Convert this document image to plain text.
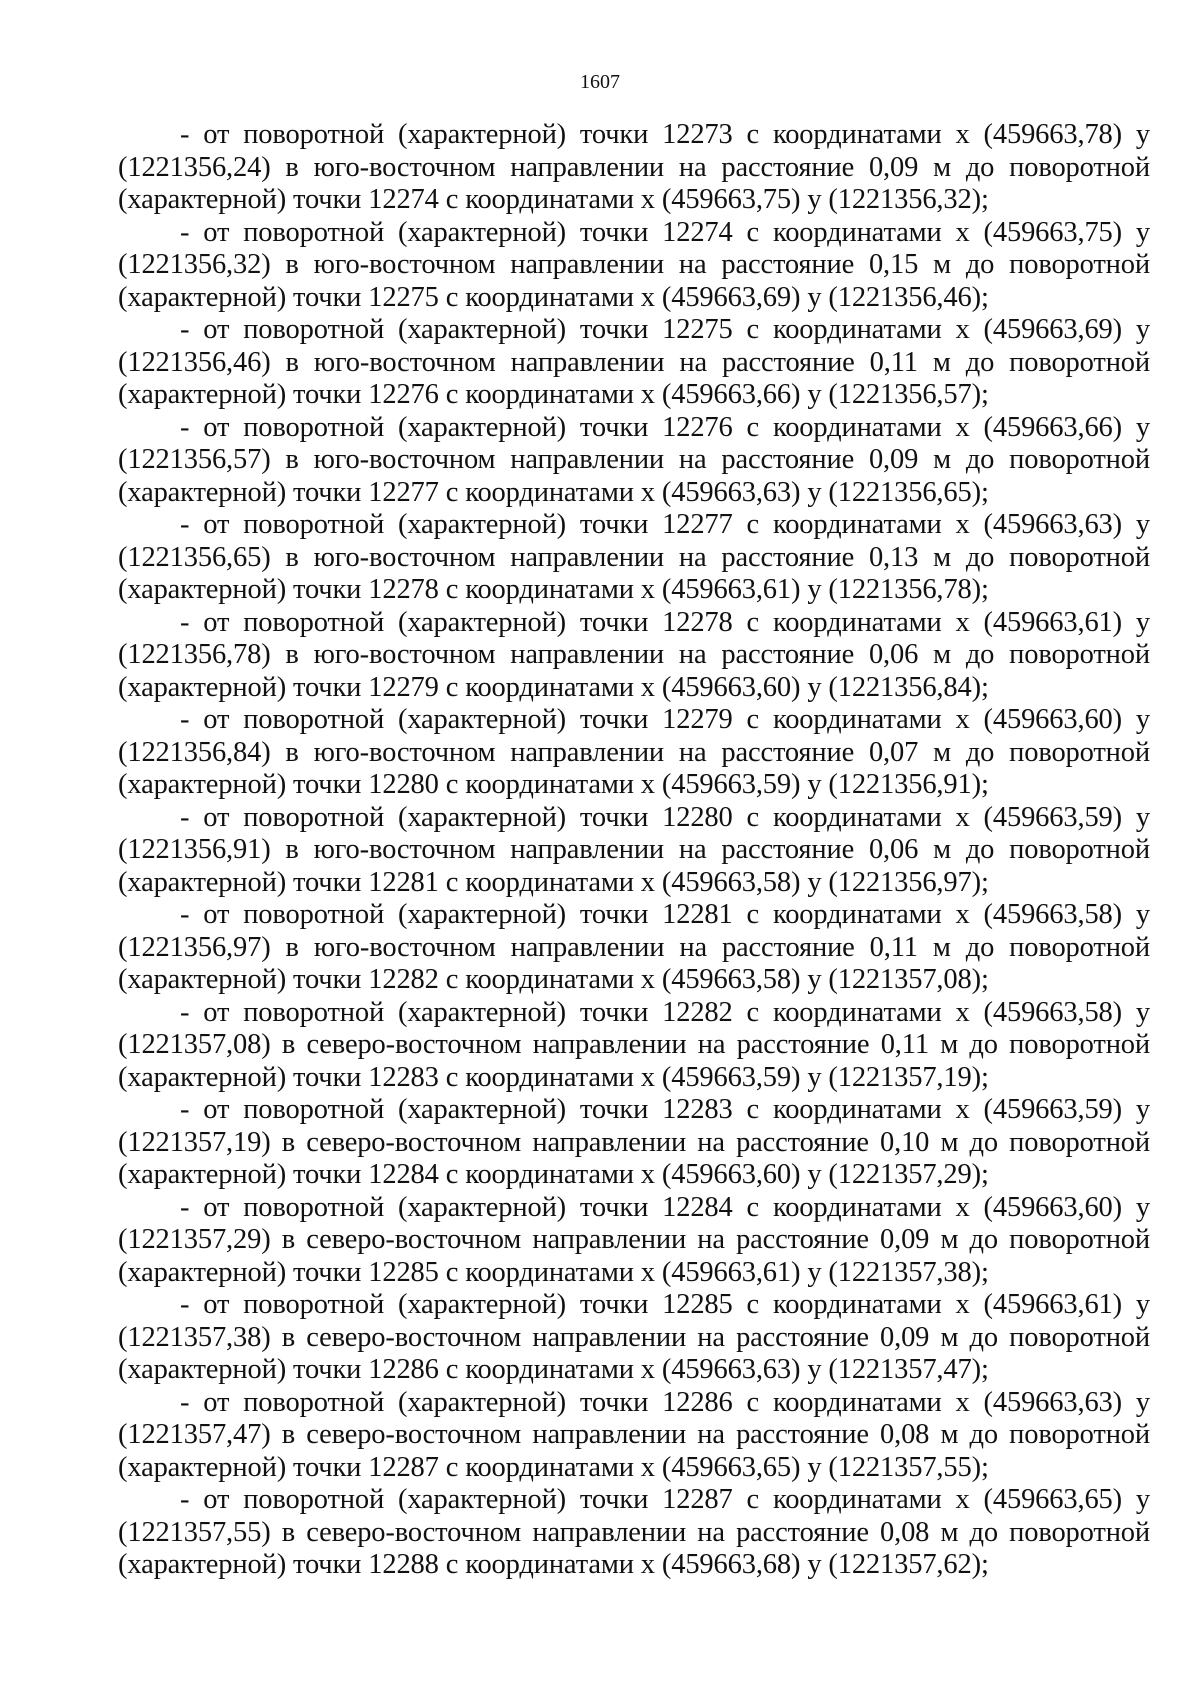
1607

- от поворотной (характерной) точки 12273 с координатами х (459663,78) у (1221356,24) в юго-восточном направлении на расстояние 0,09 м до поворотной (характерной) точки 12274 с координатами х (459663,75) у (1221356,32);

- от поворотной (характерной) точки 12274 с координатами х (459663,75) у (1221356,32) в юго-восточном направлении на расстояние 0,15 м до поворотной (характерной) точки 12275 с координатами х (459663,69) у (1221356,46);

- от поворотной (характерной) точки 12275 с координатами х (459663,69) у (1221356,46) в юго-восточном направлении на расстояние 0,11 м до поворотной (характерной) точки 12276 с координатами х (459663,66) у (1221356,57);

- от поворотной (характерной) точки 12276 с координатами х (459663,66) у (1221356,57) в юго-восточном направлении на расстояние 0,09 м до поворотной (характерной) точки 12277 с координатами х (459663,63) у (1221356,65);

- от поворотной (характерной) точки 12277 с координатами х (459663,63) у (1221356,65) в юго-восточном направлении на расстояние 0,13 м до поворотной (характерной) точки 12278 с координатами х (459663,61) у (1221356,78);

- от поворотной (характерной) точки 12278 с координатами х (459663,61) у (1221356,78) в юго-восточном направлении на расстояние 0,06 м до поворотной (характерной) точки 12279 с координатами х (459663,60) у (1221356,84);

- от поворотной (характерной) точки 12279 с координатами х (459663,60) у (1221356,84) в юго-восточном направлении на расстояние 0,07 м до поворотной (характерной) точки 12280 с координатами х (459663,59) у (1221356,91);

- от поворотной (характерной) точки 12280 с координатами х (459663,59) у (1221356,91) в юго-восточном направлении на расстояние 0,06 м до поворотной (характерной) точки 12281 с координатами х (459663,58) у (1221356,97);

- от поворотной (характерной) точки 12281 с координатами х (459663,58) у (1221356,97) в юго-восточном направлении на расстояние 0,11 м до поворотной (характерной) точки 12282 с координатами х (459663,58) у (1221357,08);

- от поворотной (характерной) точки 12282 с координатами х (459663,58) у (1221357,08) в северо-восточном направлении на расстояние 0,11 м до поворотной (характерной) точки 12283 с координатами х (459663,59) у (1221357,19);

- от поворотной (характерной) точки 12283 с координатами х (459663,59) у (1221357,19) в северо-восточном направлении на расстояние 0,10 м до поворотной (характерной) точки 12284 с координатами х (459663,60) у (1221357,29);

- от поворотной (характерной) точки 12284 с координатами х (459663,60) у (1221357,29) в северо-восточном направлении на расстояние 0,09 м до поворотной (характерной) точки 12285 с координатами х (459663,61) у (1221357,38);

- от поворотной (характерной) точки 12285 с координатами х (459663,61) у (1221357,38) в северо-восточном направлении на расстояние 0,09 м до поворотной (характерной) точки 12286 с координатами х (459663,63) у (1221357,47);

- от поворотной (характерной) точки 12286 с координатами х (459663,63) у (1221357,47) в северо-восточном направлении на расстояние 0,08 м до поворотной (характерной) точки 12287 с координатами х (459663,65) у (1221357,55);

- от поворотной (характерной) точки 12287 с координатами х (459663,65) у (1221357,55) в северо-восточном направлении на расстояние 0,08 м до поворотной (характерной) точки 12288 с координатами х (459663,68) у (1221357,62);
